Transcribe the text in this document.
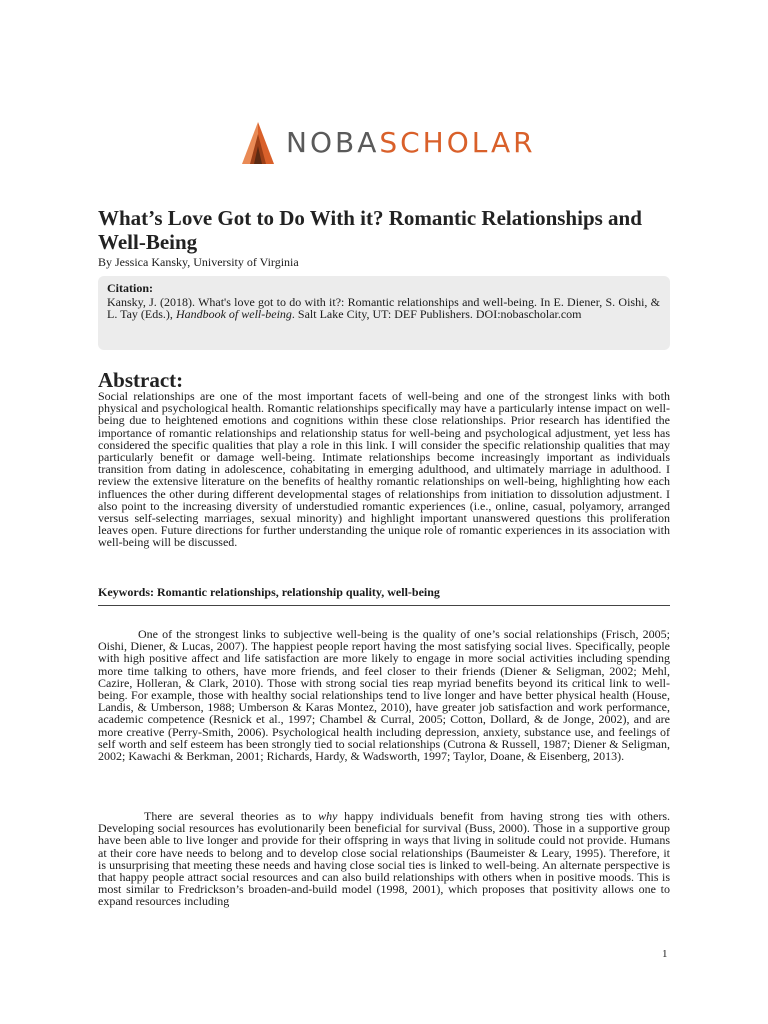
NOBASCHOLAR
What’s Love Got to Do With it? Romantic Relationships and Well-Being

By Jessica Kansky, University of Virginia

Citation:

Kansky, J. (2018). What's love got to do with it?: Romantic relationships and well-being. In E. Diener, S. Oishi, & L. Tay (Eds.), Handbook of well-being. Salt Lake City, UT: DEF Publishers. DOI:nobascholar.com

Abstract:

Social relationships are one of the most important facets of well-being and one of the strongest links with both physical and psychological health. Romantic relationships specifically may have a particularly intense impact on well-being due to heightened emotions and cognitions within these close relationships. Prior research has identified the importance of romantic relationships and relationship status for well-being and psychological adjustment, yet less has considered the specific qualities that play a role in this link. I will consider the specific relationship qualities that may particularly benefit or damage well-being. Intimate relationships become increasingly important as individuals transition from dating in adolescence, cohabitating in emerging adulthood, and ultimately marriage in adulthood. I review the extensive literature on the benefits of healthy romantic relationships on well-being, highlighting how each influences the other during different developmental stages of relationships from initiation to dissolution adjustment. I also point to the increasing diversity of understudied romantic experiences (i.e., online, casual, polyamory, arranged versus self-selecting marriages, sexual minority) and highlight important unanswered questions this proliferation leaves open. Future directions for further understanding the unique role of romantic experiences in its association with well-being will be discussed.

Keywords: Romantic relationships, relationship quality, well-being

One of the strongest links to subjective well-being is the quality of one’s social relationships (Frisch, 2005; Oishi, Diener, & Lucas, 2007). The happiest people report having the most satisfying social lives. Specifically, people with high positive affect and life satisfaction are more likely to engage in more social activities including spending more time talking to others, have more friends, and feel closer to their friends (Diener & Seligman, 2002; Mehl, Cazire, Holleran, & Clark, 2010). Those with strong social ties reap myriad benefits beyond its critical link to well-being. For example, those with healthy social relationships tend to live longer and have better physical health (House, Landis, & Umberson, 1988; Umberson & Karas Montez, 2010), have greater job satisfaction and work performance, academic competence (Resnick et al., 1997; Chambel & Curral, 2005; Cotton, Dollard, & de Jonge, 2002), and are more creative (Perry-Smith, 2006). Psychological health including depression, anxiety, substance use, and feelings of self worth and self esteem has been strongly tied to social relationships (Cutrona & Russell, 1987; Diener & Seligman, 2002; Kawachi & Berkman, 2001; Richards, Hardy, & Wadsworth, 1997; Taylor, Doane, & Eisenberg, 2013).

There are several theories as to why happy individuals benefit from having strong ties with others. Developing social resources has evolutionarily been beneficial for survival (Buss, 2000). Those in a supportive group have been able to live longer and provide for their offspring in ways that living in solitude could not provide. Humans at their core have needs to belong and to develop close social relationships (Baumeister & Leary, 1995). Therefore, it is unsurprising that meeting these needs and having close social ties is linked to well-being. An alternate perspective is that happy people attract social resources and can also build relationships with others when in positive moods. This is most similar to Fredrickson’s broaden-and-build model (1998, 2001), which proposes that positivity allows one to expand resources including

1
